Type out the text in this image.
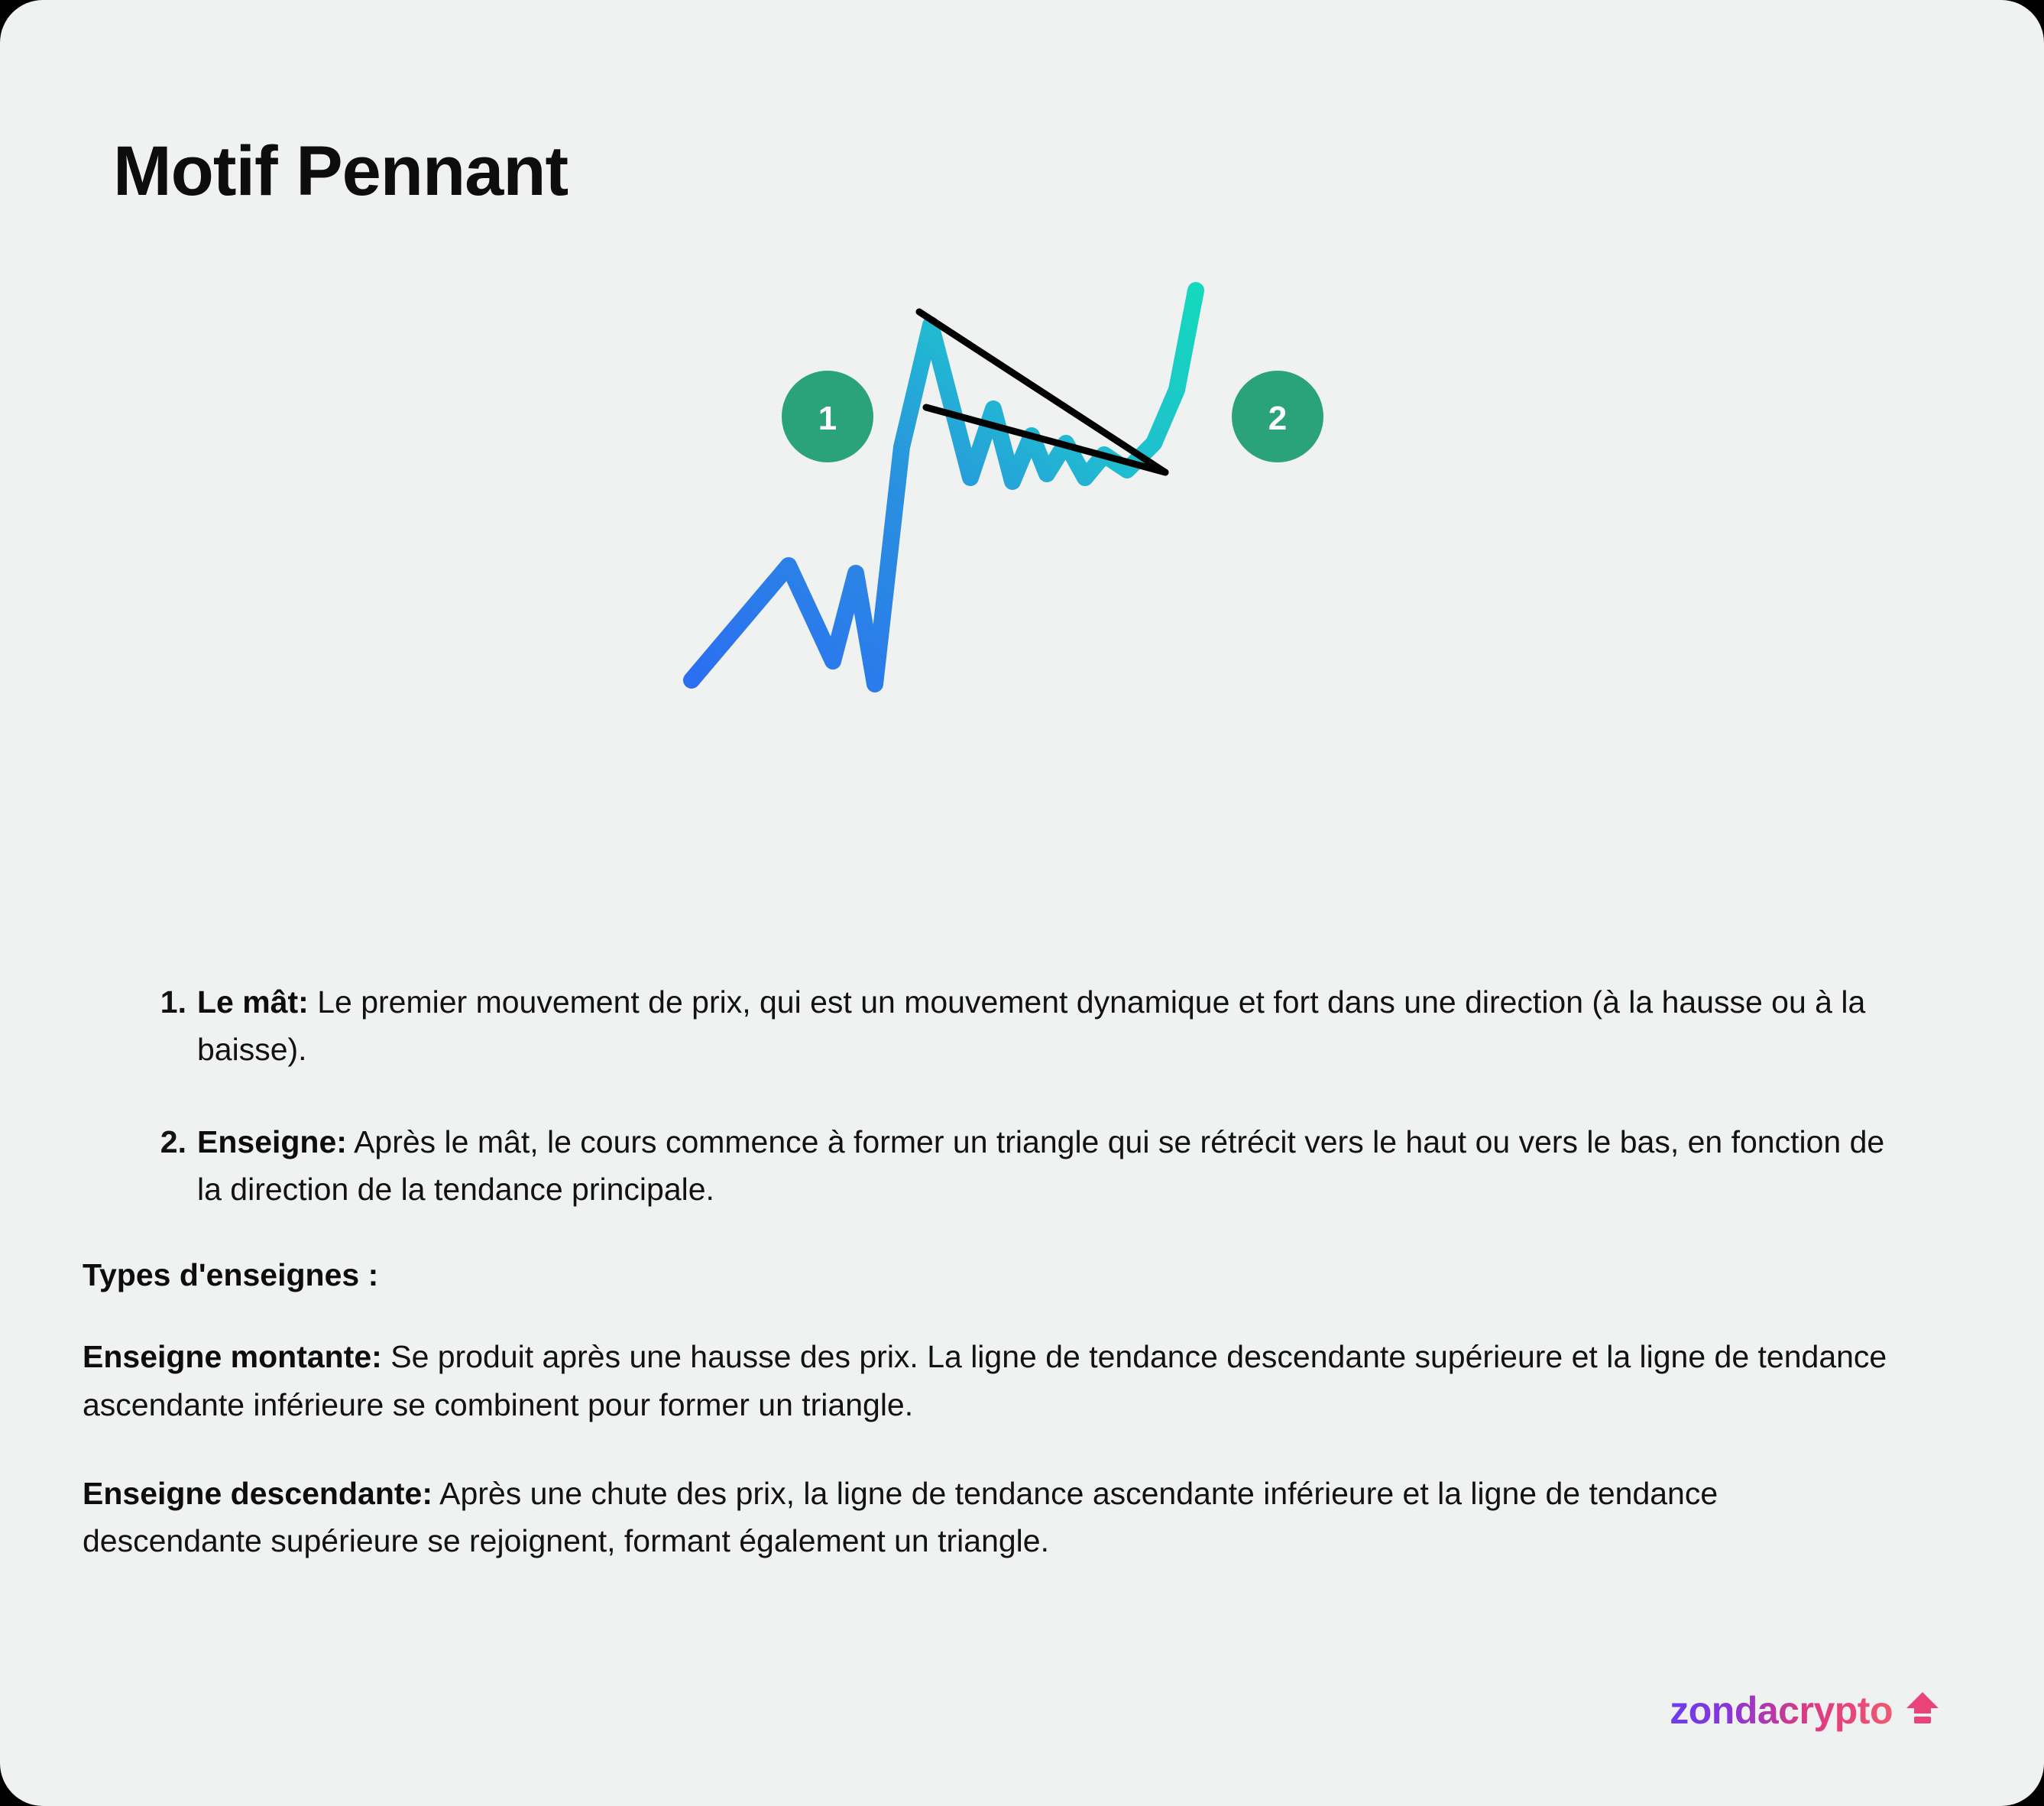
Motif Pennant
1	2
1. Le mât: Le premier mouvement de prix, qui est un mouvement dynamique et fort dans une direction (à la hausse ou à la baisse).
2. Enseigne: Après le mât, le cours commence à former un triangle qui se rétrécit vers le haut ou vers le bas, en fonction de la direction de la tendance principale.

Types d'enseignes :

Enseigne montante: Se produit après une hausse des prix. La ligne de tendance descendante supérieure et la ligne de tendance ascendante inférieure se combinent pour former un triangle.

Enseigne descendante: Après une chute des prix, la ligne de tendance ascendante inférieure et la ligne de tendance descendante supérieure se rejoignent, formant également un triangle.

zondacrypto
